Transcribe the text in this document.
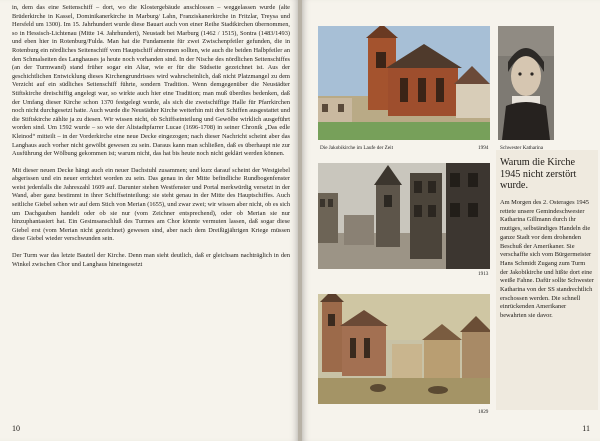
in, dem das eine Seitenschiff – dort, wo die Klostergebäude anschlossen – weggelassen wurde (alte Brüderkirche in Kassel, Dominikanerkirche in Marburg/ Lahn, Franziskanerkirche in Fritzlar, Treysa und Hersfeld um 1300). Im 15. Jahrhundert wurde diese Bauart auch von einer Reihe Stadtkirchen übernommen, so in Hessisch-Lichtenau (Mitte 14. Jahrhundert), Neustadt bei Marburg (1462 / 1515), Sontra (1483/1493) und eben hier in Rotenburg/Fulda. Man hat die Fundamente für zwei Zwischenpfeiler gefunden, die in Rotenburg ein nördliches Seitenschiff vom Hauptschiff abtrennen sollten, wie auch die beiden Halbpfeiler an den Schmalseiten des Langhauses ja heute noch vorhanden sind. In der Nische des nördlichen Seitenschiffes (an der Turmwand) stand früher sogar ein Altar, wie er für die Südseite gezeichnet ist. Aus der geschichtlichen Entwicklung dieses Kirchengrundrisses wird wahrscheinlich, daß nicht Platzmangel zu dem Verzicht auf ein südliches Seitenschiff führte, sondern Tradition. Wenn demgegenüber die Neustädter Stiftskirche dreischiffig angelegt war, so wirkte auch hier eine Tradition; man muß überdies bedenken, daß der Umfang dieser Kirche schon 1370 festgelegt wurde, als sich die zweischiffige Halle für Pfarrkirchen noch nicht durchgesetzt hatte. Auch wurde die Neustädter Kirche weiterhin mit drei Schiffen ausgestattet und die Stiftskirche zählte ja zu diesen. Wir wissen nicht, ob Schiffseinteilung und Gewölbe wirklich ausgeführt worden sind. Um 1592 wurde – so wie der Altstadtpfarrer Lucae (1696-1708) in seiner Chronik „Das edle Kleinod“ mitteilt – in der Vorderkirche eine neue Decke eingezogen; nach dieser Nachricht scheint aber das Langhaus auch vorher nicht gewölbt gewesen zu sein. Daraus kann man schließen, daß es überhaupt nie zur Ausführung der Wölbung gekommen ist; warum nicht, das hat bis heute noch nicht geklärt werden können.

Mit dieser neuen Decke hängt auch ein neuer Dachstuhl zusammen; und kurz darauf scheint der Westgiebel abgerissen und ein neuer errichtet worden zu sein. Das genau in der Mitte befindliche Rundbogenfenster weist jedenfalls die Jahreszahl 1609 auf. Darunter stehen Westfenster und Portal merkwürdig versetzt in der Wand, aber ganz bestimmt in ihrer Schiffseinteilung: sie steht genau in der Mitte des Hauptschiffes. Auch seitliche Giebel sehen wir auf dem Stich von Merian (1655), und zwar zwei; wir wissen aber nicht, ob es sich um Dachgauben handelt oder ob sie nur (vom Zeichner entsprechend), oder ob Merian sie nur hinzuphantasiert hat. Ein Gesimsanschluß des Turmes am Chor könnte vermuten lassen, daß sogar diese Giebel erst (vom Merian nicht gezeichnet) gewesen sind, aber nach dem Dreißigjährigen Kriege müssen diese Giebel wieder verschwunden sein.

Der Turm war das letzte Bauteil der Kirche. Denn man sieht deutlich, daß er gleichsam nachträglich in den Winkel zwischen Chor und Langhaus hineingesetzt

10	11
Die Jakobikirche im Laufe der Zeit	1994 Schwester Katharina
1913
1829
Warum die Kirche 1945 nicht zerstört wurde.
Am Morgen des 2. Osterages 1945 rettete unsere Gemindeschwester Katharina Gillmann durch ihr mutiges, selbständiges Handeln die ganze Stadt vor dem drohenden Beschuß der Amerikaner. Sie verschaffte sich vom Bürgermeister Hans Schmidt Zugang zum Turm der Jakobikirche und hißte dort eine weiße Fahne. Dafür sollte Schwester Katharina von der SS standrechtlich erschossen werden. Die schnell einrückenden Amerikaner bewahrten sie davor.
